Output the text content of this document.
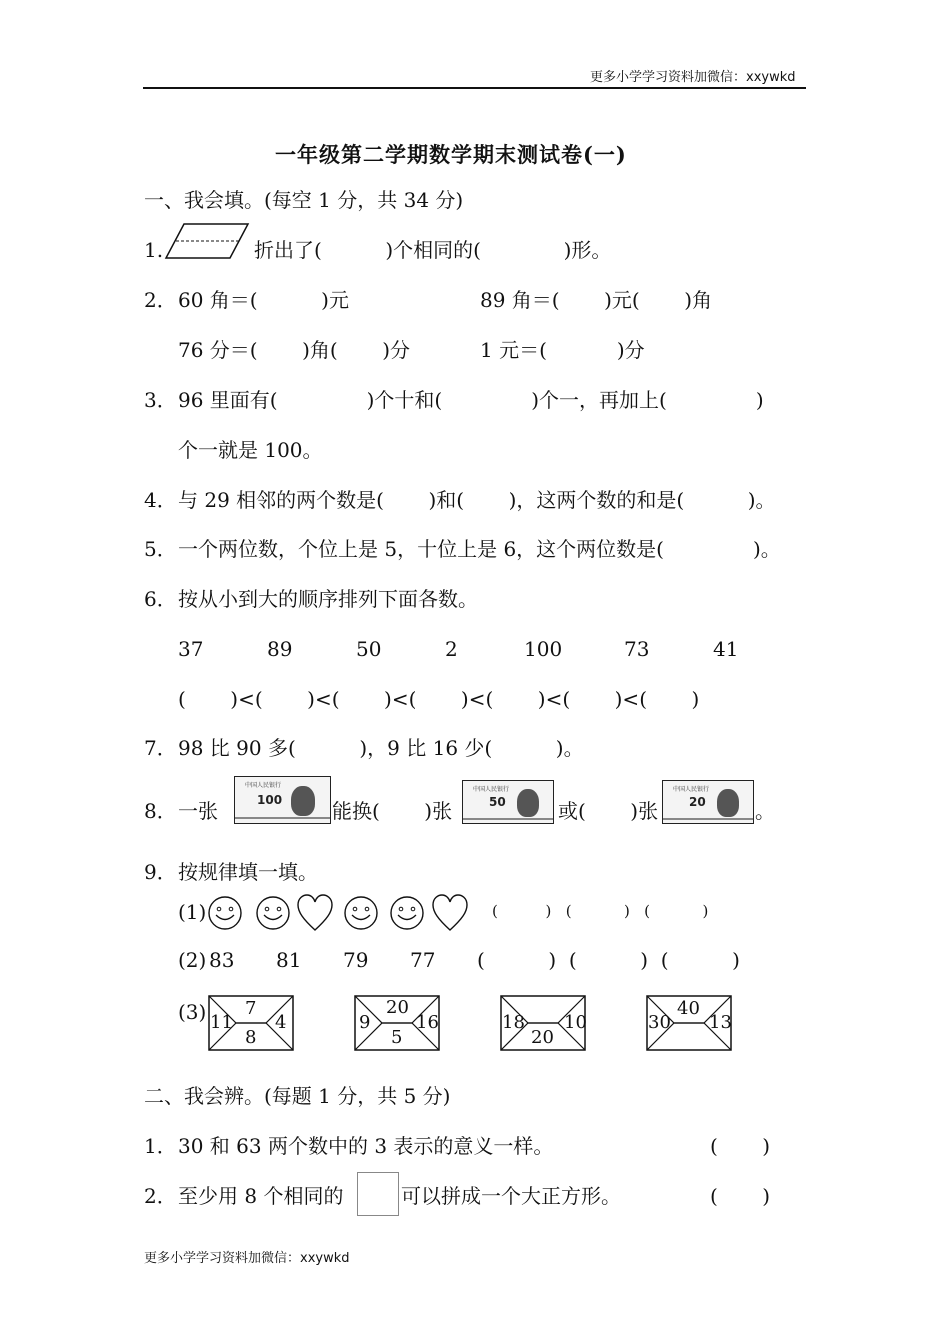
更多小学学习资料加微信：xxywkd
一年级第二学期数学期末测试卷(一)
一、我会填。(每空 1 分，共 34 分)
1.	折出了(          )个相同的(             )形。
2． 60 角＝(          )元	89 角＝(       )元(       )角
76 分＝(       )角(       )分	1 元＝(           )分
3． 96 里面有(              )个十和(              )个一，再加上(              )
个一就是 100。
4． 与 29 相邻的两个数是(       )和(       )，这两个数的和是(          )。
5． 一个两位数，个位上是 5，十位上是 6，这个两位数是(              )。
6． 按从小到大的顺序排列下面各数。
37	89	50	2	100	73	41
(       )<(       )<(       )<(       )<(       )<(       )<(       )
7． 98 比 90 多(          )，9 比 16 少(          )。
8． 一张
中国人民银行
100 能换(       )张
中国人民银行
50	或(       )张
中国人民银行
20 。
9． 按规律填一填。
(1)	(          )   (           )   (           )
(2) 83 81 79 77 (          )  (          )  (          )
(3) 7
11 4
8
20
9	16
5
18 10
20
40
30 13
二、我会辨。(每题 1 分，共 5 分)
1． 30 和 63 两个数中的 3 表示的意义一样。	(       )
2． 至少用 8 个相同的	可以拼成一个大正方形。	(       )
更多小学学习资料加微信：xxywkd
